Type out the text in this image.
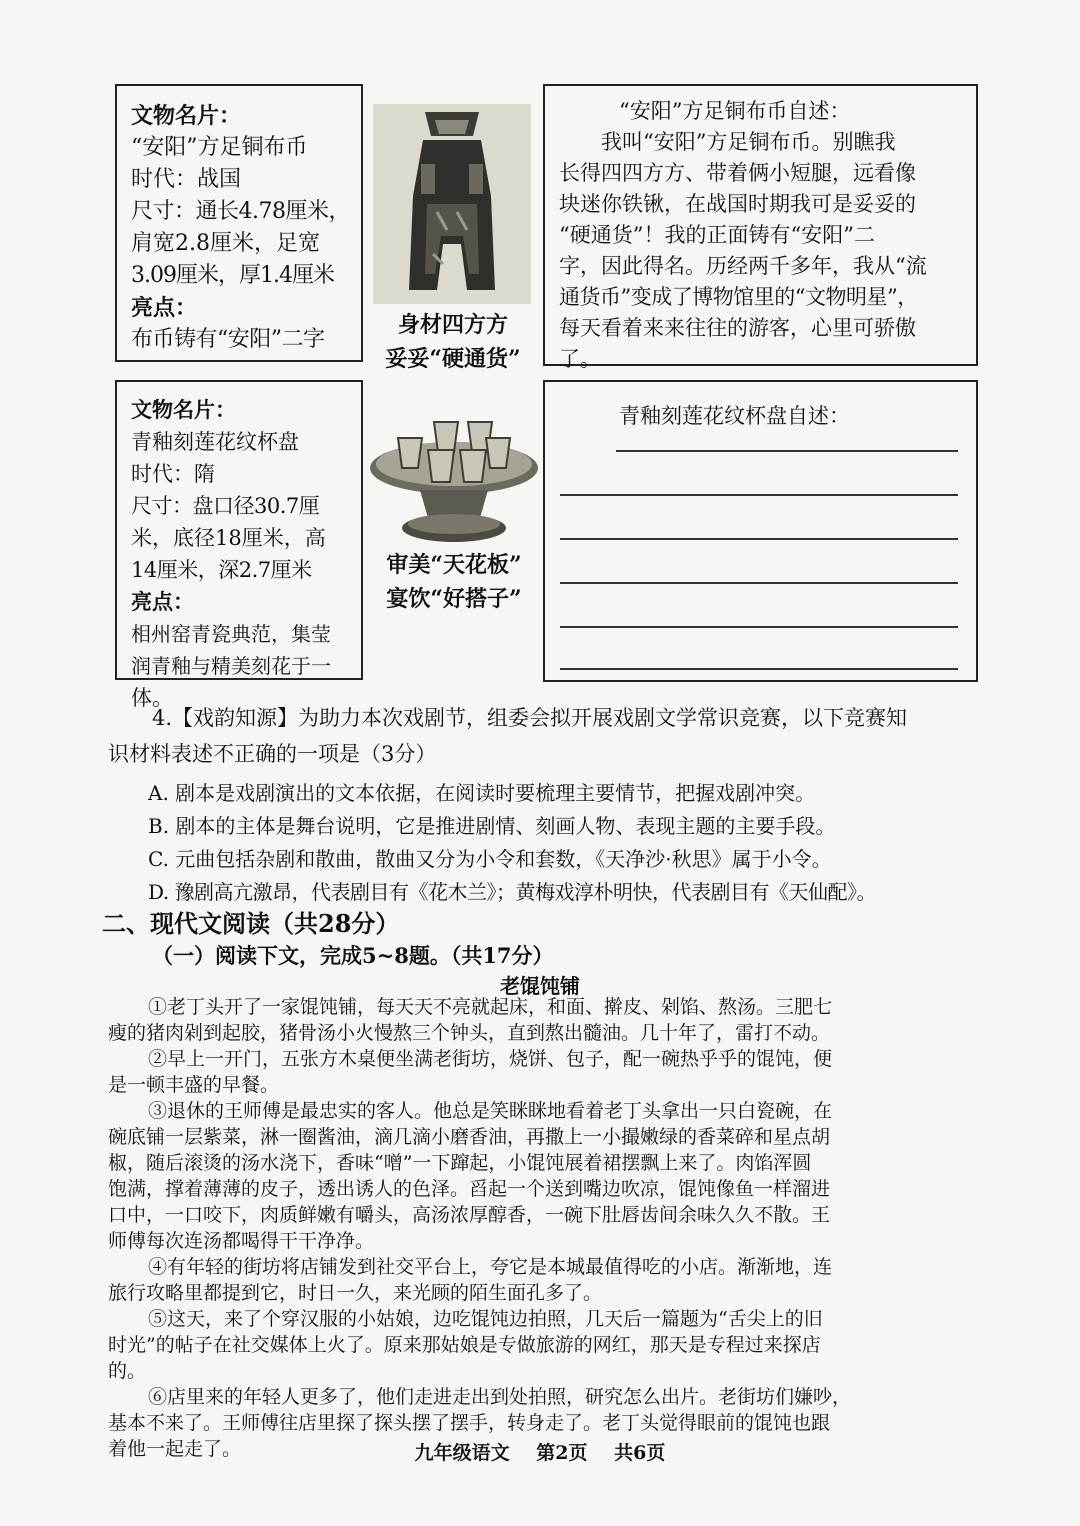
文物名片：
“安阳”方足铜布币
时代：战国
尺寸：通长4.78厘米，
肩宽2.8厘米，足宽
3.09厘米，厚1.4厘米
亮点：
布币铸有“安阳”二字
身材四方方
妥妥“硬通货”
“安阳”方足铜布币自述：
我叫“安阳”方足铜布币。别瞧我
长得四四方方、带着俩小短腿，远看像
块迷你铁锹，在战国时期我可是妥妥的
“硬通货”！我的正面铸有“安阳”二
字，因此得名。历经两千多年，我从“流
通货币”变成了博物馆里的“文物明星”，
每天看着来来往往的游客，心里可骄傲
了。
文物名片：
青釉刻莲花纹杯盘
时代：隋
尺寸：盘口径30.7厘
米，底径18厘米，高
14厘米，深2.7厘米
亮点：
相州窑青瓷典范，集莹
润青釉与精美刻花于一
体。
审美“天花板”
宴饮“好搭子”
青釉刻莲花纹杯盘自述：
4.【戏韵知源】为助力本次戏剧节，组委会拟开展戏剧文学常识竞赛，以下竞赛知
识材料表述不正确的一项是（3分）
A. 剧本是戏剧演出的文本依据，在阅读时要梳理主要情节，把握戏剧冲突。
B. 剧本的主体是舞台说明，它是推进剧情、刻画人物、表现主题的主要手段。
C. 元曲包括杂剧和散曲，散曲又分为小令和套数，《天净沙·秋思》属于小令。
D. 豫剧高亢激昂，代表剧目有《花木兰》；黄梅戏淳朴明快，代表剧目有《天仙配》。
二、现代文阅读（共28分）
（一）阅读下文，完成5~8题。（共17分）
老馄饨铺
①老丁头开了一家馄饨铺，每天天不亮就起床，和面、擀皮、剁馅、熬汤。三肥七
瘦的猪肉剁到起胶，猪骨汤小火慢熬三个钟头，直到熬出髓油。几十年了，雷打不动。
②早上一开门，五张方木桌便坐满老街坊，烧饼、包子，配一碗热乎乎的馄饨，便
是一顿丰盛的早餐。
③退休的王师傅是最忠实的客人。他总是笑眯眯地看着老丁头拿出一只白瓷碗，在
碗底铺一层紫菜，淋一圈酱油，滴几滴小磨香油，再撒上一小撮嫩绿的香菜碎和星点胡
椒，随后滚烫的汤水浇下，香味“噌”一下蹿起，小馄饨展着裙摆飘上来了。肉馅浑圆
饱满，撑着薄薄的皮子，透出诱人的色泽。舀起一个送到嘴边吹凉，馄饨像鱼一样溜进
口中，一口咬下，肉质鲜嫩有嚼头，高汤浓厚醇香，一碗下肚唇齿间余味久久不散。王
师傅每次连汤都喝得干干净净。
④有年轻的街坊将店铺发到社交平台上，夸它是本城最值得吃的小店。渐渐地，连
旅行攻略里都提到它，时日一久，来光顾的陌生面孔多了。
⑤这天，来了个穿汉服的小姑娘，边吃馄饨边拍照，几天后一篇题为“舌尖上的旧
时光”的帖子在社交媒体上火了。原来那姑娘是专做旅游的网红，那天是专程过来探店
的。
⑥店里来的年轻人更多了，他们走进走出到处拍照，研究怎么出片。老街坊们嫌吵，
基本不来了。王师傅往店里探了探头摆了摆手，转身走了。老丁头觉得眼前的馄饨也跟
着他一起走了。	九年级语文 第2页 共6页
